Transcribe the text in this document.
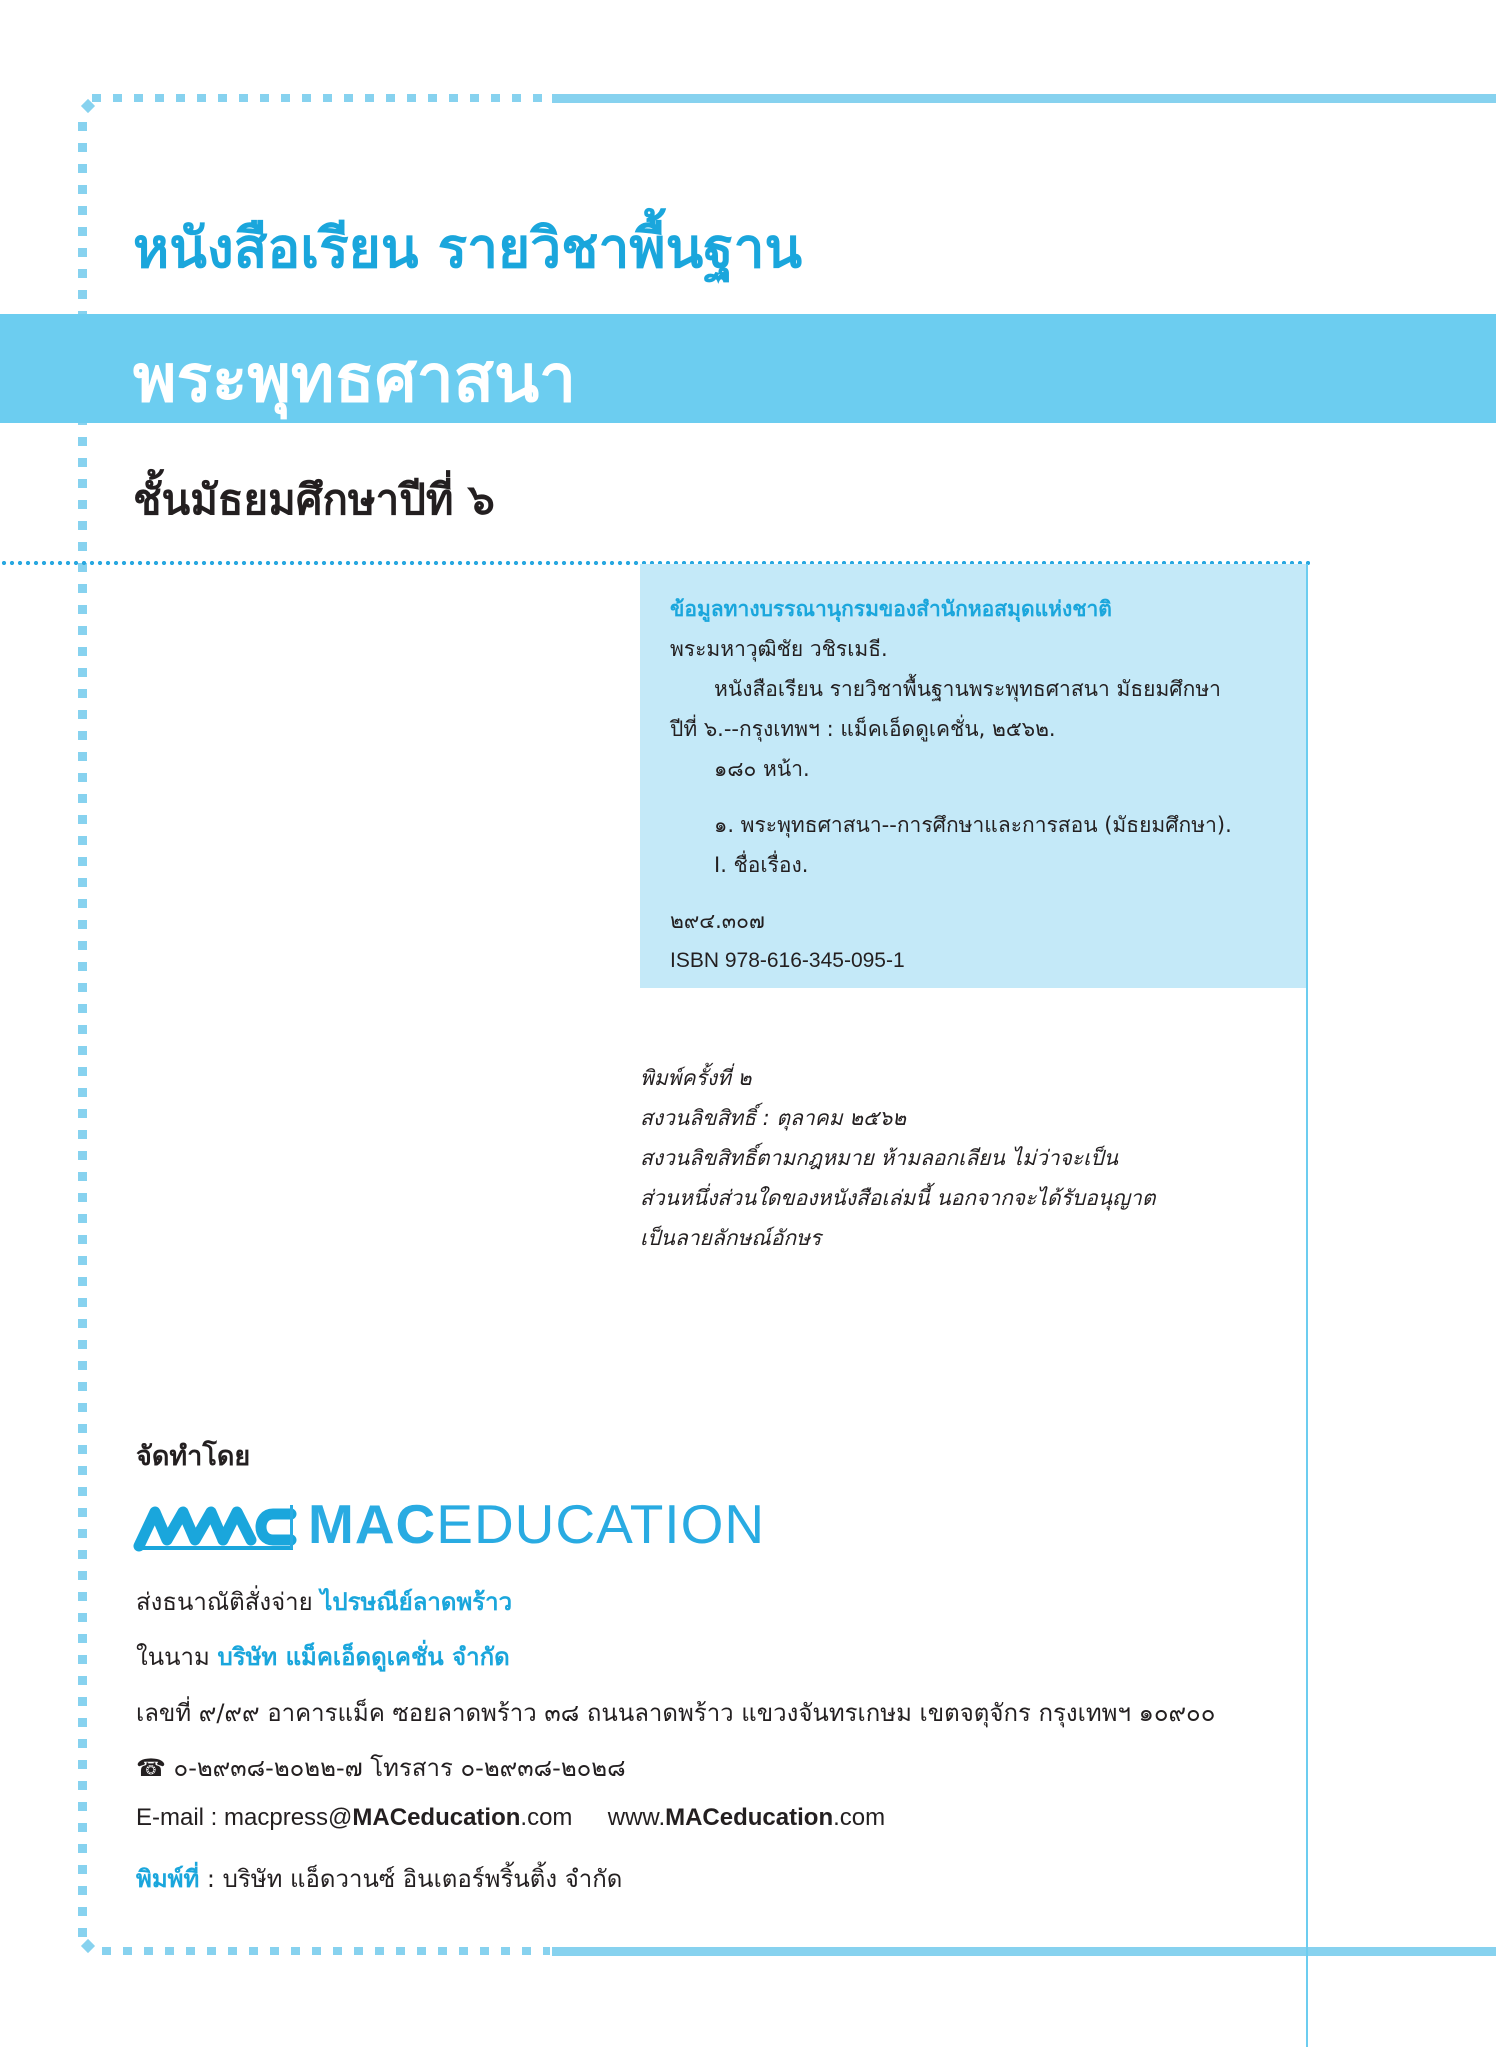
หนังสือเรียน รายวิชาพื้นฐาน
พระพุทธศาสนา
ชั้นมัธยมศึกษาปีที่ ๖
ข้อมูลทางบรรณานุกรมของสำนักหอสมุดแห่งชาติ
พระมหาวุฒิชัย วชิรเมธี.
หนังสือเรียน รายวิชาพื้นฐานพระพุทธศาสนา มัธยมศึกษา
ปีที่ ๖.--กรุงเทพฯ : แม็คเอ็ดดูเคชั่น, ๒๕๖๒.
๑๘๐ หน้า.
๑. พระพุทธศาสนา--การศึกษาและการสอน (มัธยมศึกษา).
I. ชื่อเรื่อง.
๒๙๔.๓๐๗
ISBN 978-616-345-095-1
พิมพ์ครั้งที่ ๒
สงวนลิขสิทธิ์ : ตุลาคม ๒๕๖๒
สงวนลิขสิทธิ์ตามกฎหมาย ห้ามลอกเลียน ไม่ว่าจะเป็น
ส่วนหนึ่งส่วนใดของหนังสือเล่มนี้ นอกจากจะได้รับอนุญาต
เป็นลายลักษณ์อักษร
จัดทำโดย
MACEDUCATION
ส่งธนาณัติสั่งจ่าย ไปรษณีย์ลาดพร้าว
ในนาม บริษัท แม็คเอ็ดดูเคชั่น จำกัด
เลขที่ ๙/๙๙ อาคารแม็ค ซอยลาดพร้าว ๓๘ ถนนลาดพร้าว แขวงจันทรเกษม เขตจตุจักร กรุงเทพฯ ๑๐๙๐๐
☎ ๐-๒๙๓๘-๒๐๒๒-๗ โทรสาร ๐-๒๙๓๘-๒๐๒๘
E-mail : macpress@MACeducation.com www.MACeducation.com
พิมพ์ที่ : บริษัท แอ็ดวานซ์ อินเตอร์พริ้นติ้ง จำกัด
